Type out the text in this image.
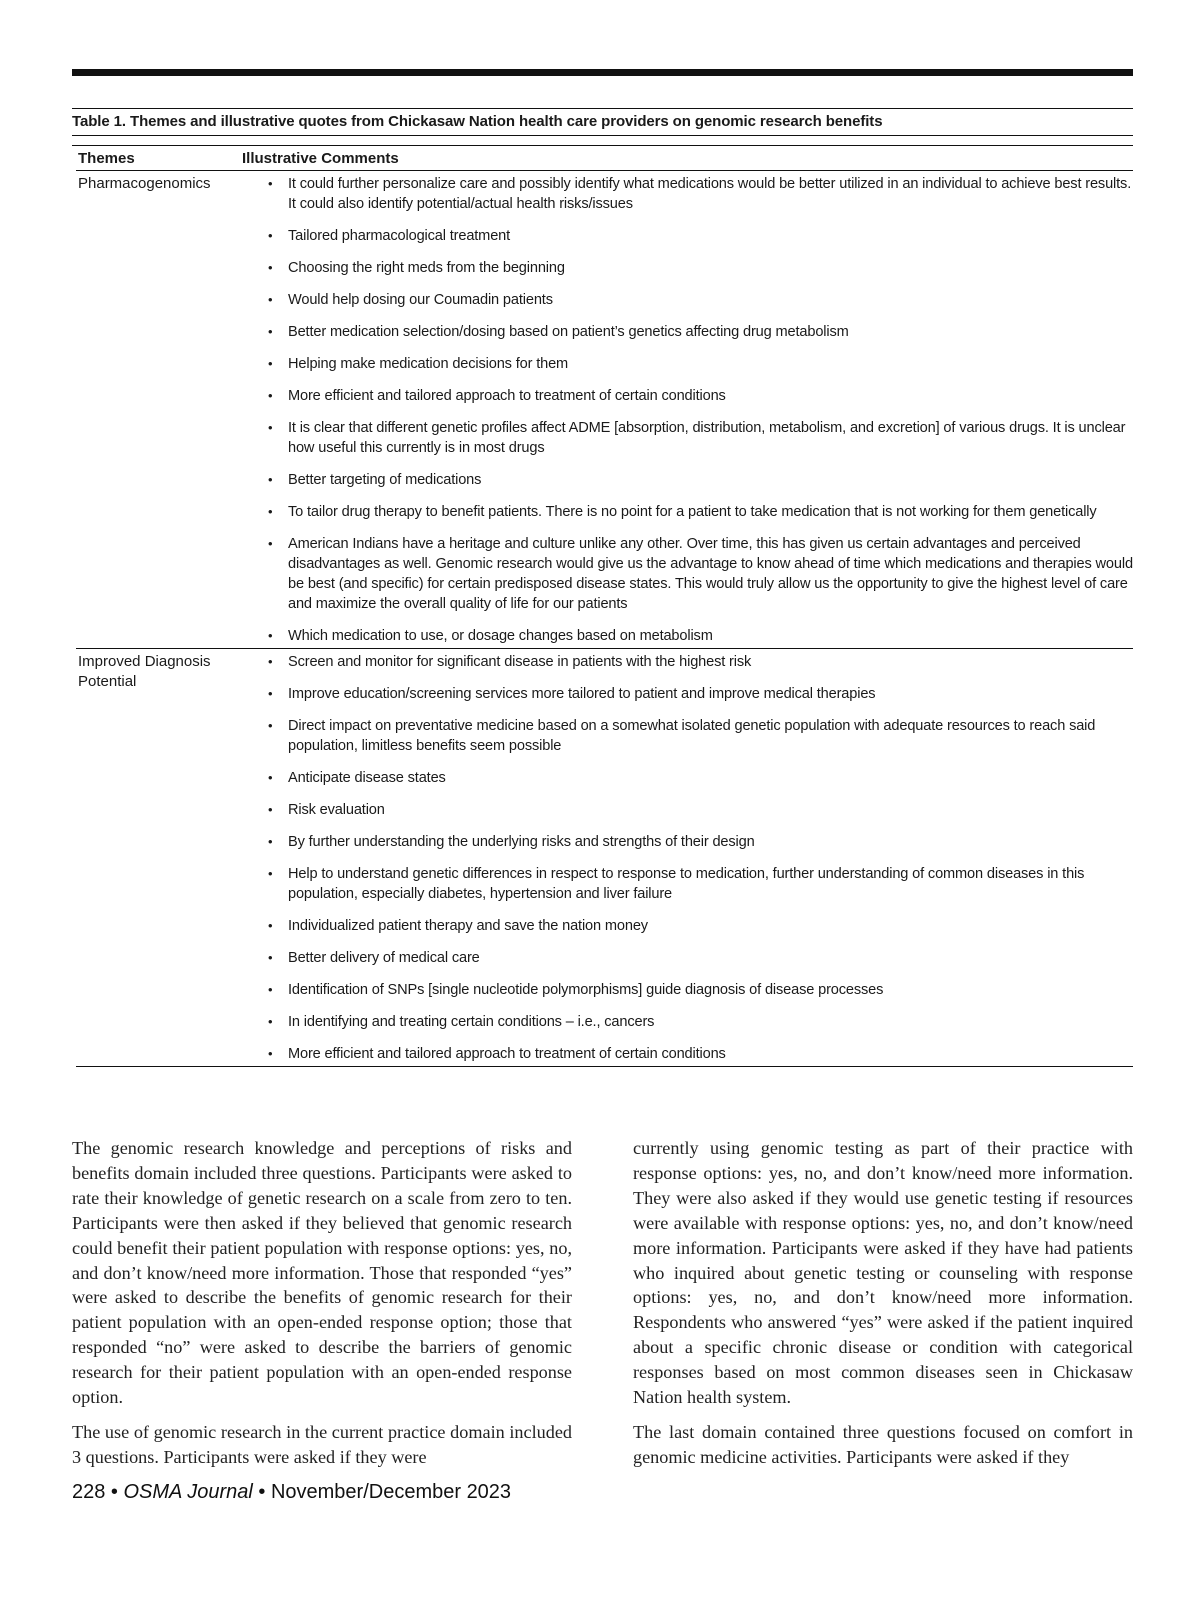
Table 1. Themes and illustrative quotes from Chickasaw Nation health care providers on genomic research benefits
Themes	Illustrative Comments
Pharmacogenomics
•	It could further personalize care and possibly identify what medications would be better utilized in an individual to achieve best results. It could also identify potential/actual health risks/issues
• Tailored pharmacological treatment
• Choosing the right meds from the beginning
• Would help dosing our Coumadin patients
• Better medication selection/dosing based on patient’s genetics affecting drug metabolism
• Helping make medication decisions for them
• More efficient and tailored approach to treatment of certain conditions
• It is clear that different genetic profiles affect ADME [absorption, distribution, metabolism, and excretion] of various drugs. It is unclear how useful this currently is in most drugs
• Better targeting of medications
• To tailor drug therapy to benefit patients. There is no point for a patient to take medication that is not working for them genetically
• American Indians have a heritage and culture unlike any other. Over time, this has given us certain advantages and perceived disadvantages as well. Genomic research would give us the advantage to know ahead of time which medications and therapies would be best (and specific) for certain predisposed disease states. This would truly allow us the opportunity to give the highest level of care and maximize the overall quality of life for our patients
• Which medication to use, or dosage changes based on metabolism
Improved Diagnosis Potential
• Screen and monitor for significant disease in patients with the highest risk
• Improve education/screening services more tailored to patient and improve medical therapies
• Direct impact on preventative medicine based on a somewhat isolated genetic population with adequate resources to reach said population, limitless benefits seem possible
• Anticipate disease states
• Risk evaluation
• By further understanding the underlying risks and strengths of their design
• Help to understand genetic differences in respect to response to medication, further understanding of common diseases in this population, especially diabetes, hypertension and liver failure
• Individualized patient therapy and save the nation money
• Better delivery of medical care
• Identification of SNPs [single nucleotide polymorphisms] guide diagnosis of disease processes
• In identifying and treating certain conditions – i.e., cancers
• More efficient and tailored approach to treatment of certain conditions

The genomic research knowledge and perceptions of risks and benefits domain included three questions. Participants were asked to rate their knowledge of genetic research on a scale from zero to ten. Participants were then asked if they believed that genomic research could benefit their patient population with response options: yes, no, and don’t know/need more information. Those that responded “yes” were asked to describe the benefits of genomic research for their patient population with an open-ended response option; those that responded “no” were asked to describe the barriers of genomic research for their patient population with an open-ended response option.

The use of genomic research in the current practice domain included 3 questions. Participants were asked if they were

currently using genomic testing as part of their practice with response options: yes, no, and don’t know/need more information. They were also asked if they would use genetic testing if resources were available with response options: yes, no, and don’t know/need more information. Participants were asked if they have had patients who inquired about genetic testing or counseling with response options: yes, no, and don’t know/need more information. Respondents who answered “yes” were asked if the patient inquired about a specific chronic disease or condition with categorical responses based on most common diseases seen in Chickasaw Nation health system.

The last domain contained three questions focused on comfort in genomic medicine activities. Participants were asked if they

228 • OSMA Journal • November/December 2023
